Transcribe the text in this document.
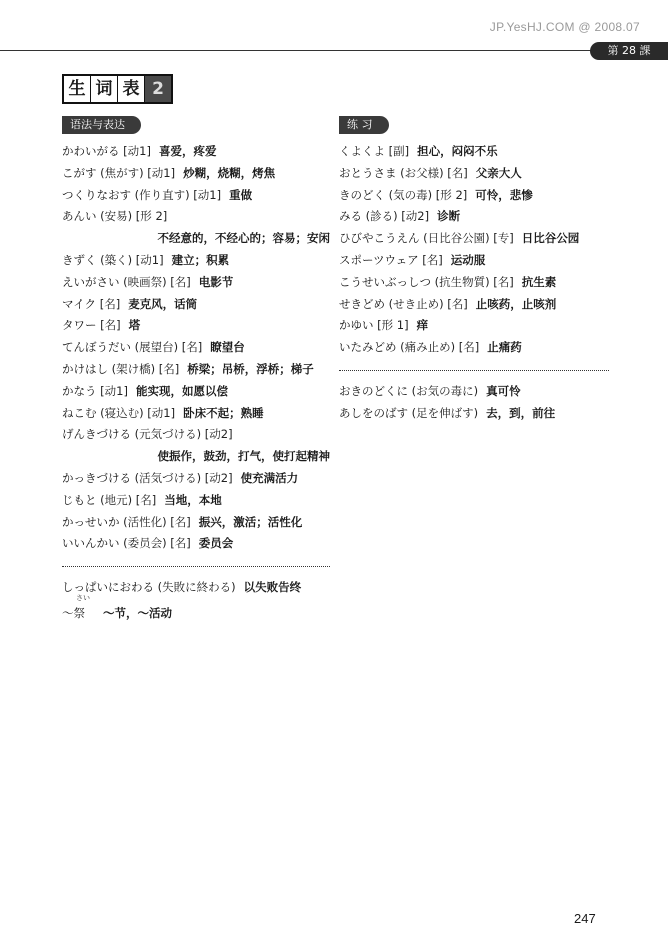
JP.YesHJ.COM @ 2008.07
第 28 課
生 词 表 2
语法与表达	练 习
かわいがる [动1] 喜爱，疼爱
こがす (焦がす) [动1] 炒糊，烧糊，烤焦
つくりなおす (作り直す) [动1] 重做
あんい (安易) [形 2]
不经意的，不经心的；容易；安闲
きずく (築く) [动1] 建立；积累
えいがさい (映画祭) [名] 电影节
マイク [名] 麦克风，话筒
タワー [名] 塔
てんぼうだい (展望台) [名] 瞭望台
かけはし (架け橋) [名] 桥梁；吊桥，浮桥；梯子
かなう [动1] 能实现，如愿以偿
ねこむ (寝込む) [动1] 卧床不起；熟睡
げんきづける (元気づける) [动2]
使振作，鼓劲，打气，使打起精神
かっきづける (活気づける) [动2] 使充满活力
じもと (地元) [名] 当地，本地
かっせいか (活性化) [名] 振兴，激活；活性化
いいんかい (委员会) [名] 委员会
しっぱいにおわる (失敗に終わる) 以失败告终
さい
～祭 ～节，～活动
くよくよ [副] 担心，闷闷不乐
おとうさま (お父様) [名] 父亲大人
きのどく (気の毒) [形 2] 可怜，悲惨
みる (診る) [动2] 诊断
ひびやこうえん (日比谷公園) [专] 日比谷公园
スポーツウェア [名] 运动服
こうせいぶっしつ (抗生物質) [名] 抗生素
せきどめ (せき止め) [名] 止咳药，止咳剂
かゆい [形 1] 痒
いたみどめ (痛み止め) [名] 止痛药
おきのどくに (お気の毒に) 真可怜
あしをのばす (足を伸ばす) 去，到，前往
247
